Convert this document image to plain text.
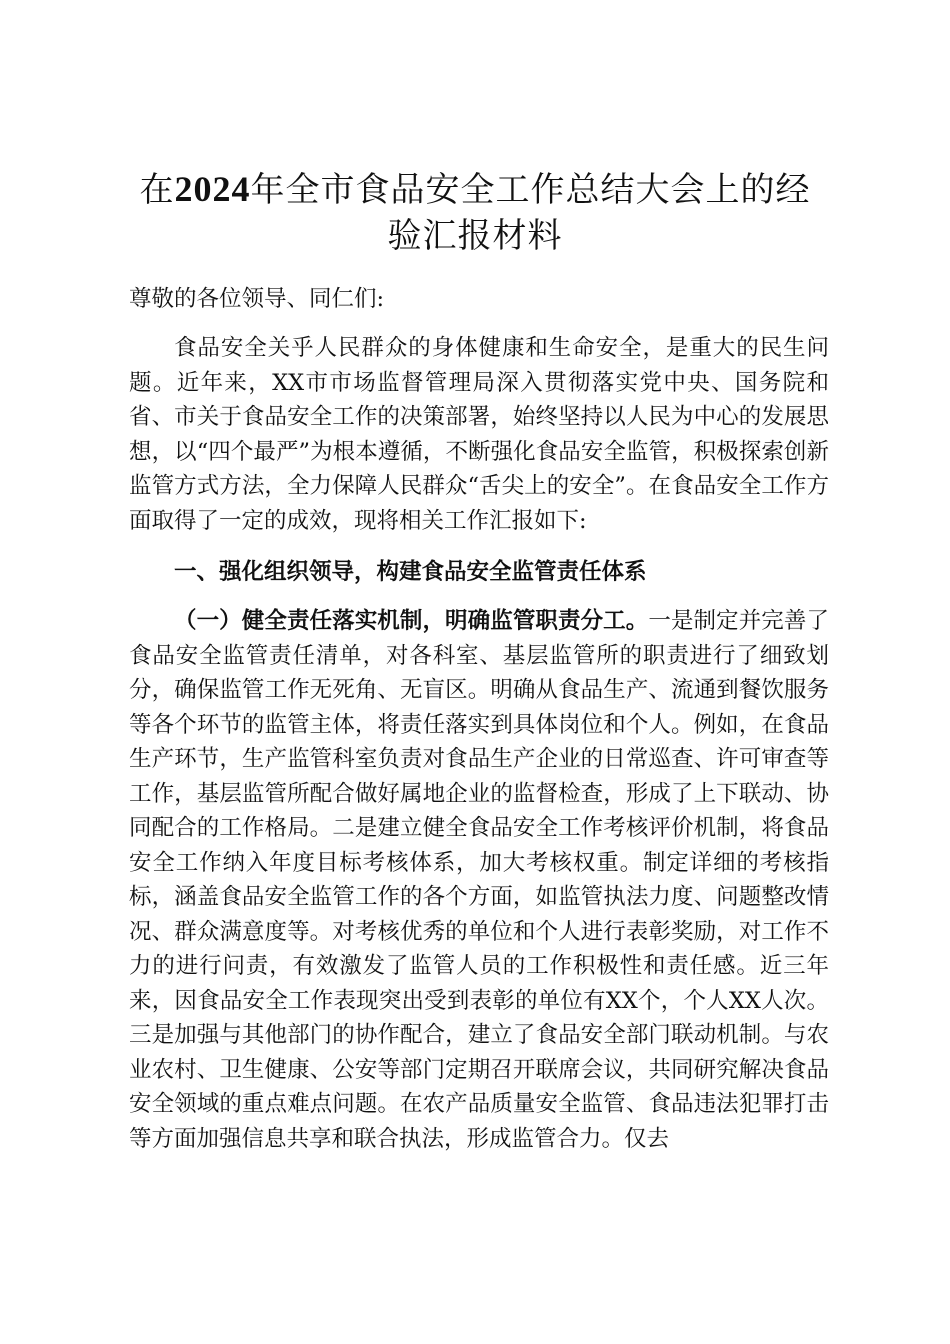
在2024年全市食品安全工作总结大会上的经
验汇报材料

尊敬的各位领导、同仁们:

食品安全关乎人民群众的身体健康和生命安全，是重大的民生问题。近年来，XX市市场监督管理局深入贯彻落实党中央、国务院和省、市关于食品安全工作的决策部署，始终坚持以人民为中心的发展思想，以“四个最严”为根本遵循，不断强化食品安全监管，积极探索创新监管方式方法，全力保障人民群众“舌尖上的安全”。在食品安全工作方面取得了一定的成效，现将相关工作汇报如下:

一、强化组织领导，构建食品安全监管责任体系

（一）健全责任落实机制，明确监管职责分工。一是制定并完善了食品安全监管责任清单，对各科室、基层监管所的职责进行了细致划分，确保监管工作无死角、无盲区。明确从食品生产、流通到餐饮服务等各个环节的监管主体，将责任落实到具体岗位和个人。例如，在食品生产环节，生产监管科室负责对食品生产企业的日常巡查、许可审查等工作，基层监管所配合做好属地企业的监督检查，形成了上下联动、协同配合的工作格局。二是建立健全食品安全工作考核评价机制，将食品安全工作纳入年度目标考核体系，加大考核权重。制定详细的考核指标，涵盖食品安全监管工作的各个方面，如监管执法力度、问题整改情况、群众满意度等。对考核优秀的单位和个人进行表彰奖励，对工作不力的进行问责，有效激发了监管人员的工作积极性和责任感。近三年来，因食品安全工作表现突出受到表彰的单位有XX个，个人XX人次。三是加强与其他部门的协作配合，建立了食品安全部门联动机制。与农业农村、卫生健康、公安等部门定期召开联席会议，共同研究解决食品安全领域的重点难点问题。在农产品质量安全监管、食品违法犯罪打击等方面加强信息共享和联合执法，形成监管合力。仅去
